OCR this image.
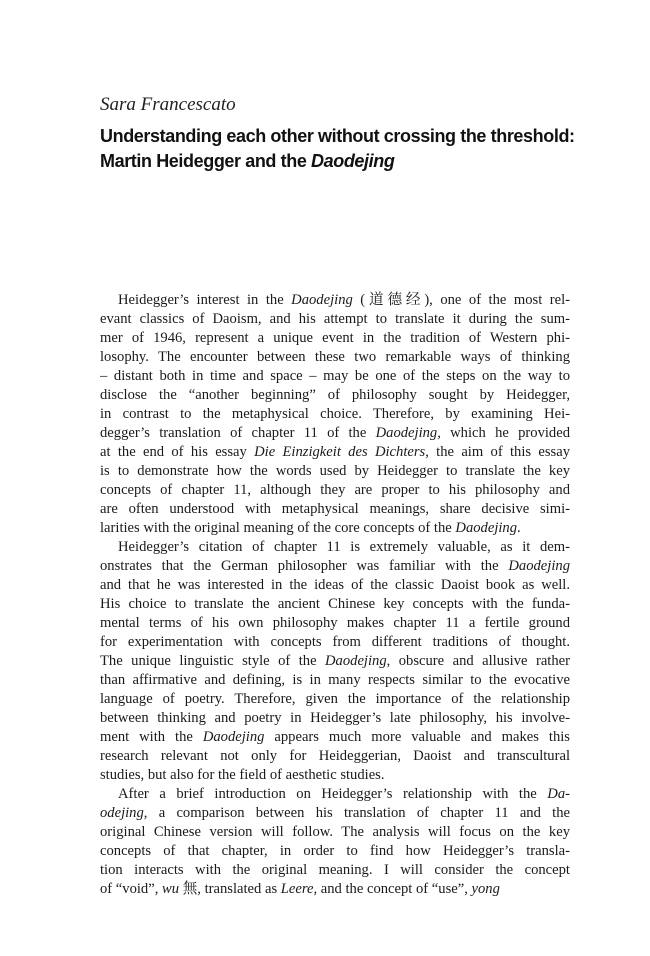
Sara Francescato
Understanding each other without crossing the threshold:
Martin Heidegger and the Daodejing
Heidegger’s interest in the Daodejing (道德经), one of the most rel-
evant classics of Daoism, and his attempt to translate it during the sum-
mer of 1946, represent a unique event in the tradition of Western phi-
losophy. The encounter between these two remarkable ways of thinking
– distant both in time and space – may be one of the steps on the way to
disclose the “another beginning” of philosophy sought by Heidegger,
in contrast to the metaphysical choice. Therefore, by examining Hei-
degger’s translation of chapter 11 of the Daodejing, which he provided
at the end of his essay Die Einzigkeit des Dichters, the aim of this essay
is to demonstrate how the words used by Heidegger to translate the key
concepts of chapter 11, although they are proper to his philosophy and
are often understood with metaphysical meanings, share decisive simi-
larities with the original meaning of the core concepts of the Daodejing.
Heidegger’s citation of chapter 11 is extremely valuable, as it dem-
onstrates that the German philosopher was familiar with the Daodejing
and that he was interested in the ideas of the classic Daoist book as well.
His choice to translate the ancient Chinese key concepts with the funda-
mental terms of his own philosophy makes chapter 11 a fertile ground
for experimentation with concepts from different traditions of thought.
The unique linguistic style of the Daodejing, obscure and allusive rather
than affirmative and defining, is in many respects similar to the evocative
language of poetry. Therefore, given the importance of the relationship
between thinking and poetry in Heidegger’s late philosophy, his involve-
ment with the Daodejing appears much more valuable and makes this
research relevant not only for Heideggerian, Daoist and transcultural
studies, but also for the field of aesthetic studies.
After a brief introduction on Heidegger’s relationship with the Da-
odejing, a comparison between his translation of chapter 11 and the
original Chinese version will follow. The analysis will focus on the key
concepts of that chapter, in order to find how Heidegger’s transla-
tion interacts with the original meaning. I will consider the concept
of “void”, wu 無, translated as Leere, and the concept of “use”, yong
